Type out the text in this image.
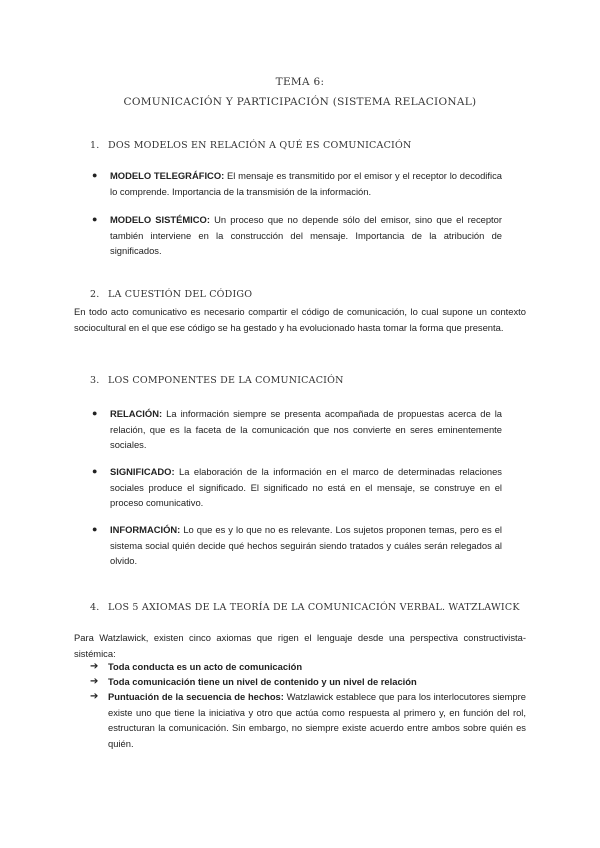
TEMA 6:
COMUNICACIÓN Y PARTICIPACIÓN (SISTEMA RELACIONAL)
1. DOS MODELOS EN RELACIÓN A QUÉ ES COMUNICACIÓN
● MODELO TELEGRÁFICO: El mensaje es transmitido por el emisor y el receptor lo decodifica lo comprende. Importancia de la transmisión de la información.
● MODELO SISTÉMICO: Un proceso que no depende sólo del emisor, sino que el receptor también interviene en la construcción del mensaje. Importancia de la atribución de significados.
2. LA CUESTIÓN DEL CÓDIGO
En todo acto comunicativo es necesario compartir el código de comunicación, lo cual supone un contexto sociocultural en el que ese código se ha gestado y ha evolucionado hasta tomar la forma que presenta.
3. LOS COMPONENTES DE LA COMUNICACIÓN
● RELACIÓN: La información siempre se presenta acompañada de propuestas acerca de la relación, que es la faceta de la comunicación que nos convierte en seres eminentemente sociales.
● SIGNIFICADO: La elaboración de la información en el marco de determinadas relaciones sociales produce el significado. El significado no está en el mensaje, se construye en el proceso comunicativo.
● INFORMACIÓN: Lo que es y lo que no es relevante. Los sujetos proponen temas, pero es el sistema social quién decide qué hechos seguirán siendo tratados y cuáles serán relegados al olvido.
4. LOS 5 AXIOMAS DE LA TEORÍA DE LA COMUNICACIÓN VERBAL. WATZLAWICK
Para Watzlawick, existen cinco axiomas que rigen el lenguaje desde una perspectiva constructivista-sistémica:
➔ Toda conducta es un acto de comunicación
➔ Toda comunicación tiene un nivel de contenido y un nivel de relación
➔ Puntuación de la secuencia de hechos: Watzlawick establece que para los interlocutores siempre existe uno que tiene la iniciativa y otro que actúa como respuesta al primero y, en función del rol, estructuran la comunicación. Sin embargo, no siempre existe acuerdo entre ambos sobre quién es quién.
